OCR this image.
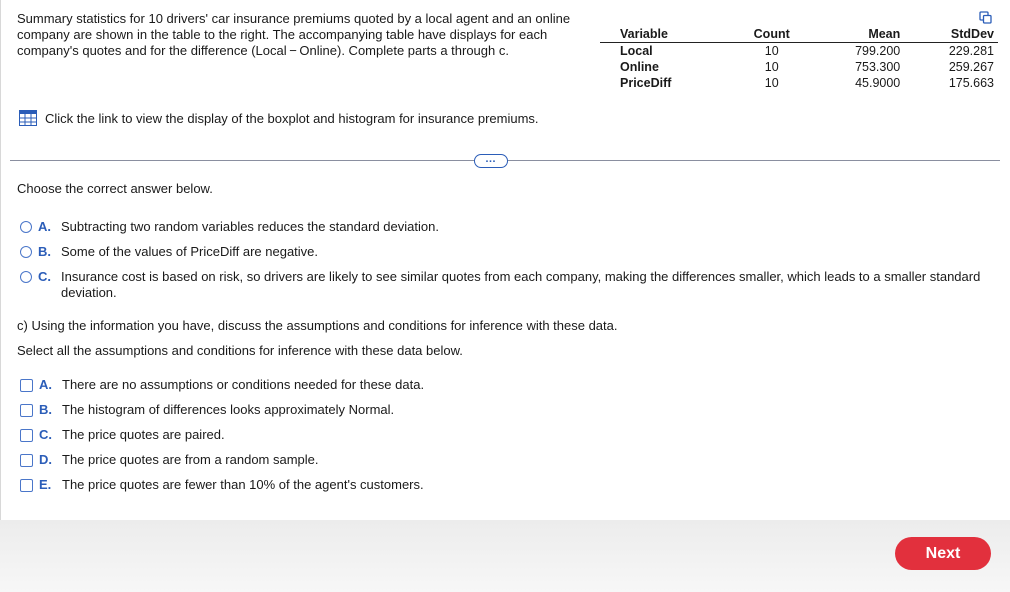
Summary statistics for 10 drivers' car insurance premiums quoted by a local agent and an online company are shown in the table to the right. The accompanying table have displays for each company's quotes and for the difference (Local − Online). Complete parts a through c.
Variable	Count	Mean	StdDev
Local	10	799.200	229.281
Online	10	753.300	259.267
PriceDiff	10	45.9000	175.663
Click the link to view the display of the boxplot and histogram for insurance premiums.
…
Choose the correct answer below.
A. Subtracting two random variables reduces the standard deviation.
B. Some of the values of PriceDiff are negative.
C. Insurance cost is based on risk, so drivers are likely to see similar quotes from each company, making the differences smaller, which leads to a smaller standard deviation.
c) Using the information you have, discuss the assumptions and conditions for inference with these data.
Select all the assumptions and conditions for inference with these data below.
A. There are no assumptions or conditions needed for these data.
B. The histogram of differences looks approximately Normal.
C. The price quotes are paired.
D. The price quotes are from a random sample.
E. The price quotes are fewer than 10% of the agent's customers.
Next
